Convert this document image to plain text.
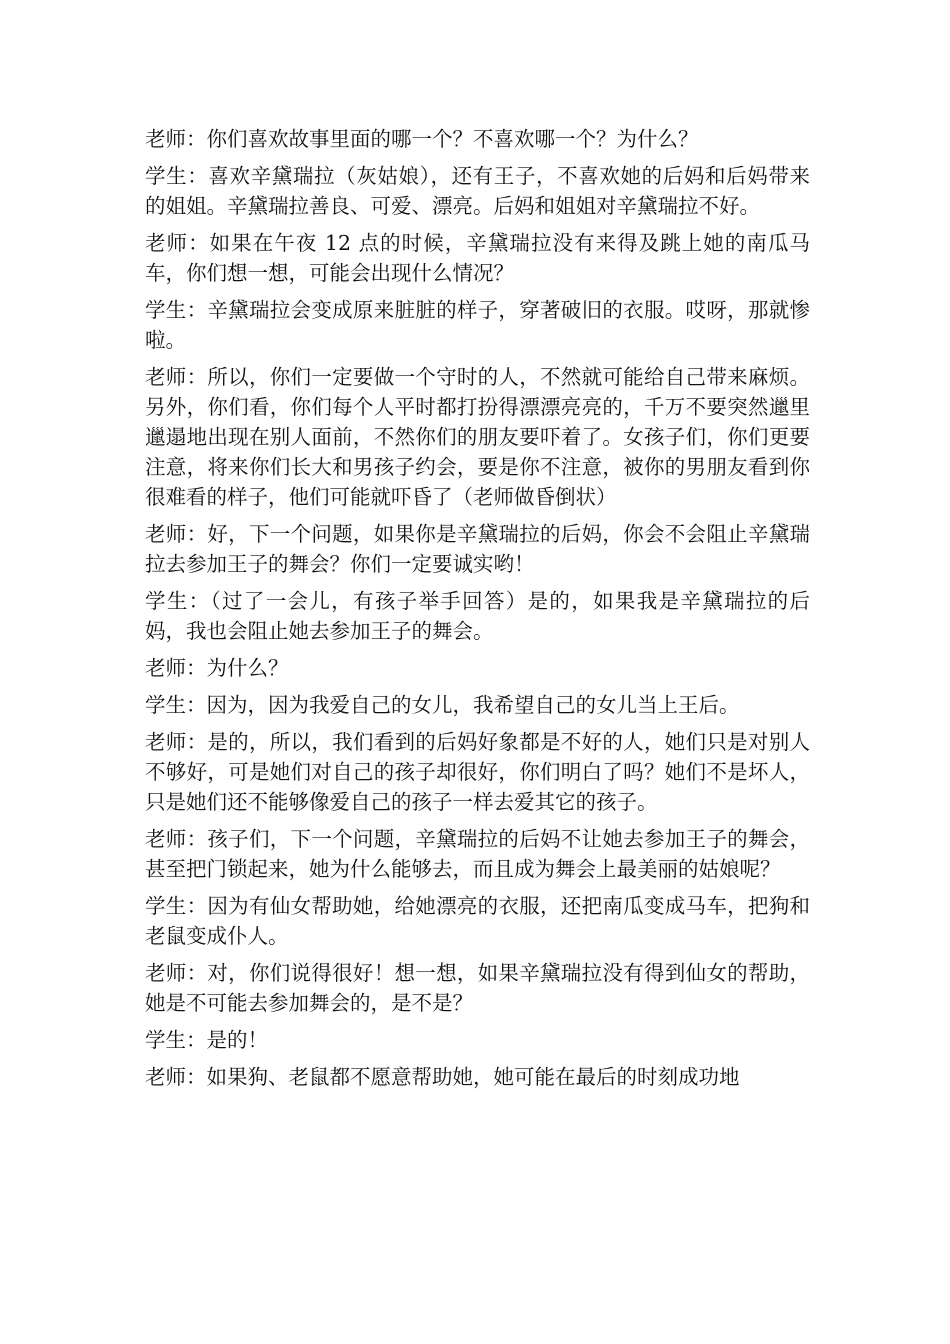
老师：你们喜欢故事里面的哪一个？不喜欢哪一个？为什么？

学生：喜欢辛黛瑞拉（灰姑娘），还有王子，不喜欢她的后妈和后妈带来的姐姐。辛黛瑞拉善良、可爱、漂亮。后妈和姐姐对辛黛瑞拉不好。

老师：如果在午夜 12 点的时候，辛黛瑞拉没有来得及跳上她的南瓜马车，你们想一想，可能会出现什么情况？

学生：辛黛瑞拉会变成原来脏脏的样子，穿著破旧的衣服。哎呀，那就惨啦。

老师：所以，你们一定要做一个守时的人，不然就可能给自己带来麻烦。另外，你们看，你们每个人平时都打扮得漂漂亮亮的，千万不要突然邋里邋遢地出现在别人面前，不然你们的朋友要吓着了。女孩子们，你们更要注意，将来你们长大和男孩子约会，要是你不注意，被你的男朋友看到你很难看的样子，他们可能就吓昏了（老师做昏倒状）

老师：好，下一个问题，如果你是辛黛瑞拉的后妈，你会不会阻止辛黛瑞拉去参加王子的舞会？你们一定要诚实哟！

学生：（过了一会儿，有孩子举手回答）是的，如果我是辛黛瑞拉的后妈，我也会阻止她去参加王子的舞会。

老师：为什么？

学生：因为，因为我爱自己的女儿，我希望自己的女儿当上王后。

老师：是的，所以，我们看到的后妈好象都是不好的人，她们只是对别人不够好，可是她们对自己的孩子却很好，你们明白了吗？她们不是坏人，只是她们还不能够像爱自己的孩子一样去爱其它的孩子。

老师：孩子们，下一个问题，辛黛瑞拉的后妈不让她去参加王子的舞会，甚至把门锁起来，她为什么能够去，而且成为舞会上最美丽的姑娘呢？

学生：因为有仙女帮助她，给她漂亮的衣服，还把南瓜变成马车，把狗和老鼠变成仆人。

老师：对，你们说得很好！想一想，如果辛黛瑞拉没有得到仙女的帮助，她是不可能去参加舞会的，是不是？

学生：是的！

老师：如果狗、老鼠都不愿意帮助她，她可能在最后的时刻成功地
